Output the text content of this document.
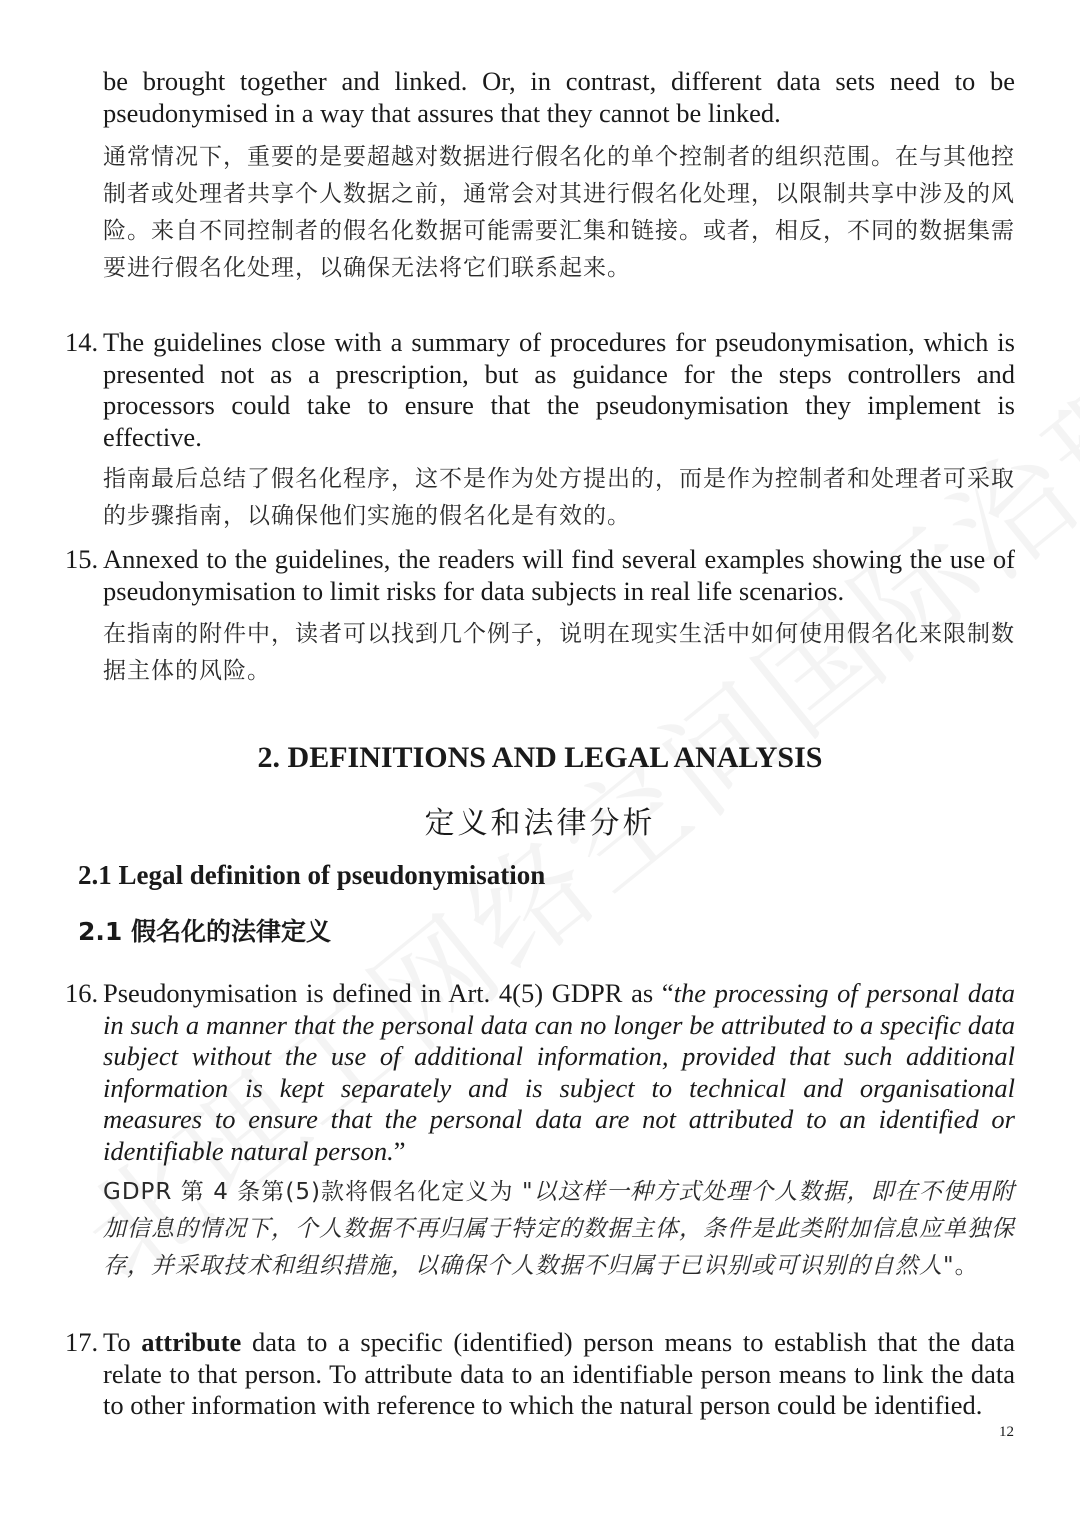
be brought together and linked. Or, in contrast, different data sets need to be pseudonymised in a way that assures that they cannot be linked.

通常情况下，重要的是要超越对数据进行假名化的单个控制者的组织范围。在与其他控制者或处理者共享个人数据之前，通常会对其进行假名化处理，以限制共享中涉及的风险。来自不同控制者的假名化数据可能需要汇集和链接。或者，相反，不同的数据集需要进行假名化处理，以确保无法将它们联系起来。

14. The guidelines close with a summary of procedures for pseudonymisation, which is presented not as a prescription, but as guidance for the steps controllers and processors could take to ensure that the pseudonymisation they implement is effective.

指南最后总结了假名化程序，这不是作为处方提出的，而是作为控制者和处理者可采取的步骤指南，以确保他们实施的假名化是有效的。

15. Annexed to the guidelines, the readers will find several examples showing the use of pseudonymisation to limit risks for data subjects in real life scenarios.

在指南的附件中，读者可以找到几个例子，说明在现实生活中如何使用假名化来限制数据主体的风险。

2. DEFINITIONS AND LEGAL ANALYSIS
定义和法律分析
2.1 Legal definition of pseudonymisation
2.1 假名化的法律定义
16. Pseudonymisation is defined in Art. 4(5) GDPR as “the processing of personal data in such a manner that the personal data can no longer be attributed to a specific data subject without the use of additional information, provided that such additional information is kept separately and is subject to technical and organisational measures to ensure that the personal data are not attributed to an identified or identifiable natural person.”

GDPR 第 4 条第(5)款将假名化定义为 "以这样一种方式处理个人数据，即在不使用附加信息的情况下，个人数据不再归属于特定的数据主体，条件是此类附加信息应单独保存，并采取技术和组织措施，以确保个人数据不归属于已识别或可识别的自然人"。

17. To attribute data to a specific (identified) person means to establish that the data relate to that person. To attribute data to an identifiable person means to link the data to other information with reference to which the natural person could be identified.

12
